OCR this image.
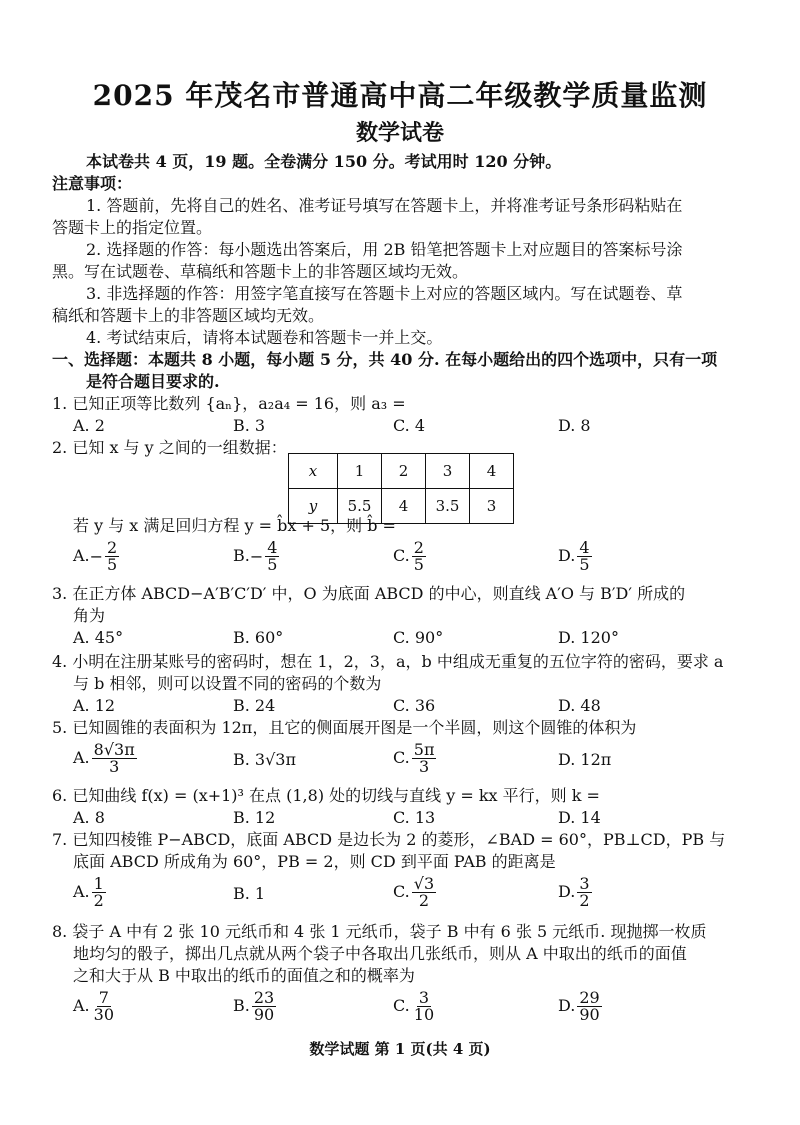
2025 年茂名市普通高中高二年级教学质量监测
数学试卷
本试卷共 4 页，19 题。全卷满分 150 分。考试用时 120 分钟。
注意事项：
1. 答题前，先将自己的姓名、准考证号填写在答题卡上，并将准考证号条形码粘贴在
答题卡上的指定位置。
2. 选择题的作答：每小题选出答案后，用 2B 铅笔把答题卡上对应题目的答案标号涂
黑。写在试题卷、草稿纸和答题卡上的非答题区域均无效。
3. 非选择题的作答：用签字笔直接写在答题卡上对应的答题区域内。写在试题卷、草
稿纸和答题卡上的非答题区域均无效。
4. 考试结束后，请将本试题卷和答题卡一并上交。
一、选择题：本题共 8 小题，每小题 5 分，共 40 分. 在每小题给出的四个选项中，只有一项
是符合题目要求的.
1. 已知正项等比数列 {aₙ}，a₂a₄ = 16，则 a₃ =
A. 2	B. 3	C. 4	D. 8
2. 已知 x 与 y 之间的一组数据：
x	1	2	3	4
y	5.5	4	3.5	3
若 y 与 x 满足回归方程 y = b̂x + 5，则 b̂ =
$A.- \frac{2}{5}$	$B.- \frac{4}{5}$	C. $\frac{2}{5}$	D. $\frac{4}{5}$
3. 在正方体 ABCD−A′B′C′D′ 中，O 为底面 ABCD 的中心，则直线 A′O 与 B′D′ 所成的
角为
A. 45°	B. 60°	C. 90°	D. 120°
4. 小明在注册某账号的密码时，想在 1，2，3，a，b 中组成无重复的五位字符的密码，要求 a
与 b 相邻，则可以设置不同的密码的个数为
A. 12	B. 24	C. 36	D. 48
5. 已知圆锥的表面积为 12π，且它的侧面展开图是一个半圆，则这个圆锥的体积为
A. $\frac{8√3\pi}{3}$	B. 3√3π	C. $\frac{5\pi}{3}$	D. 12π
6. 已知曲线 f(x) = (x+1)³ 在点 (1,8) 处的切线与直线 y = kx 平行，则 k =
A. 8	B. 12	C. 13	D. 14
7. 已知四棱锥 P−ABCD，底面 ABCD 是边长为 2 的菱形，∠BAD = 60°，PB⊥CD，PB 与
底面 ABCD 所成角为 60°，PB = 2，则 CD 到平面 PAB 的距离是
A. $\frac{1}{2}$	B. 1	C. $\frac{√3}{2}$	D. $\frac{3}{2}$
8. 袋子 A 中有 2 张 10 元纸币和 4 张 1 元纸币，袋子 B 中有 6 张 5 元纸币. 现抛掷一枚质
地均匀的骰子，掷出几点就从两个袋子中各取出几张纸币，则从 A 中取出的纸币的面值
之和大于从 B 中取出的纸币的面值之和的概率为
A. $\frac{7}{30}$	B. $\frac{23}{90}$	C. $\frac{3}{10}$	D. $\frac{29}{90}$
数学试题 第 1 页(共 4 页)
